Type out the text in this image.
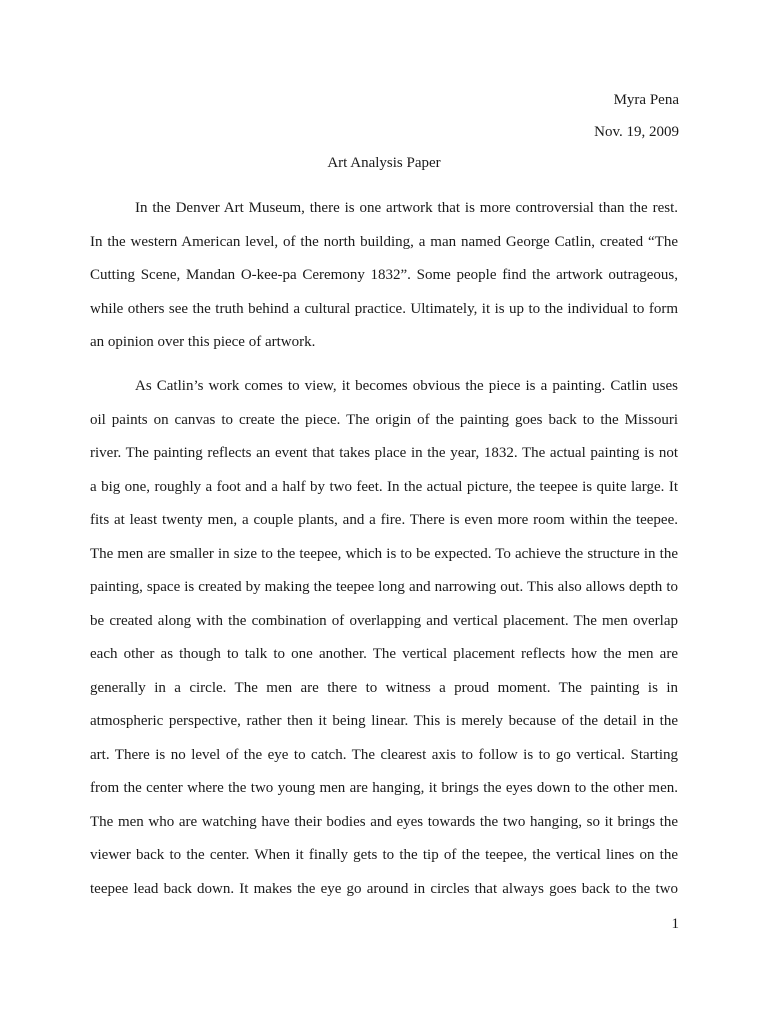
Myra Pena
Nov. 19, 2009
Art Analysis Paper
In the Denver Art Museum, there is one artwork that is more controversial than the rest.
In the western American level, of the north building, a man named George Catlin, created “The
Cutting Scene, Mandan O-kee-pa Ceremony 1832”. Some people find the artwork outrageous,
while others see the truth behind a cultural practice. Ultimately, it is up to the individual to form
an opinion over this piece of artwork.
As Catlin’s work comes to view, it becomes obvious the piece is a painting. Catlin uses
oil paints on canvas to create the piece. The origin of the painting goes back to the Missouri
river. The painting reflects an event that takes place in the year, 1832. The actual painting is not
a big one, roughly a foot and a half by two feet. In the actual picture, the teepee is quite large. It
fits at least twenty men, a couple plants, and a fire. There is even more room within the teepee.
The men are smaller in size to the teepee, which is to be expected. To achieve the structure in the
painting, space is created by making the teepee long and narrowing out. This also allows depth to
be created along with the combination of overlapping and vertical placement. The men overlap
each other as though to talk to one another. The vertical placement reflects how the men are
generally in a circle. The men are there to witness a proud moment. The painting is in
atmospheric perspective, rather then it being linear. This is merely because of the detail in the
art. There is no level of the eye to catch. The clearest axis to follow is to go vertical. Starting
from the center where the two young men are hanging, it brings the eyes down to the other men.
The men who are watching have their bodies and eyes towards the two hanging, so it brings the
viewer back to the center. When it finally gets to the tip of the teepee, the vertical lines on the
teepee lead back down. It makes the eye go around in circles that always goes back to the two
1
